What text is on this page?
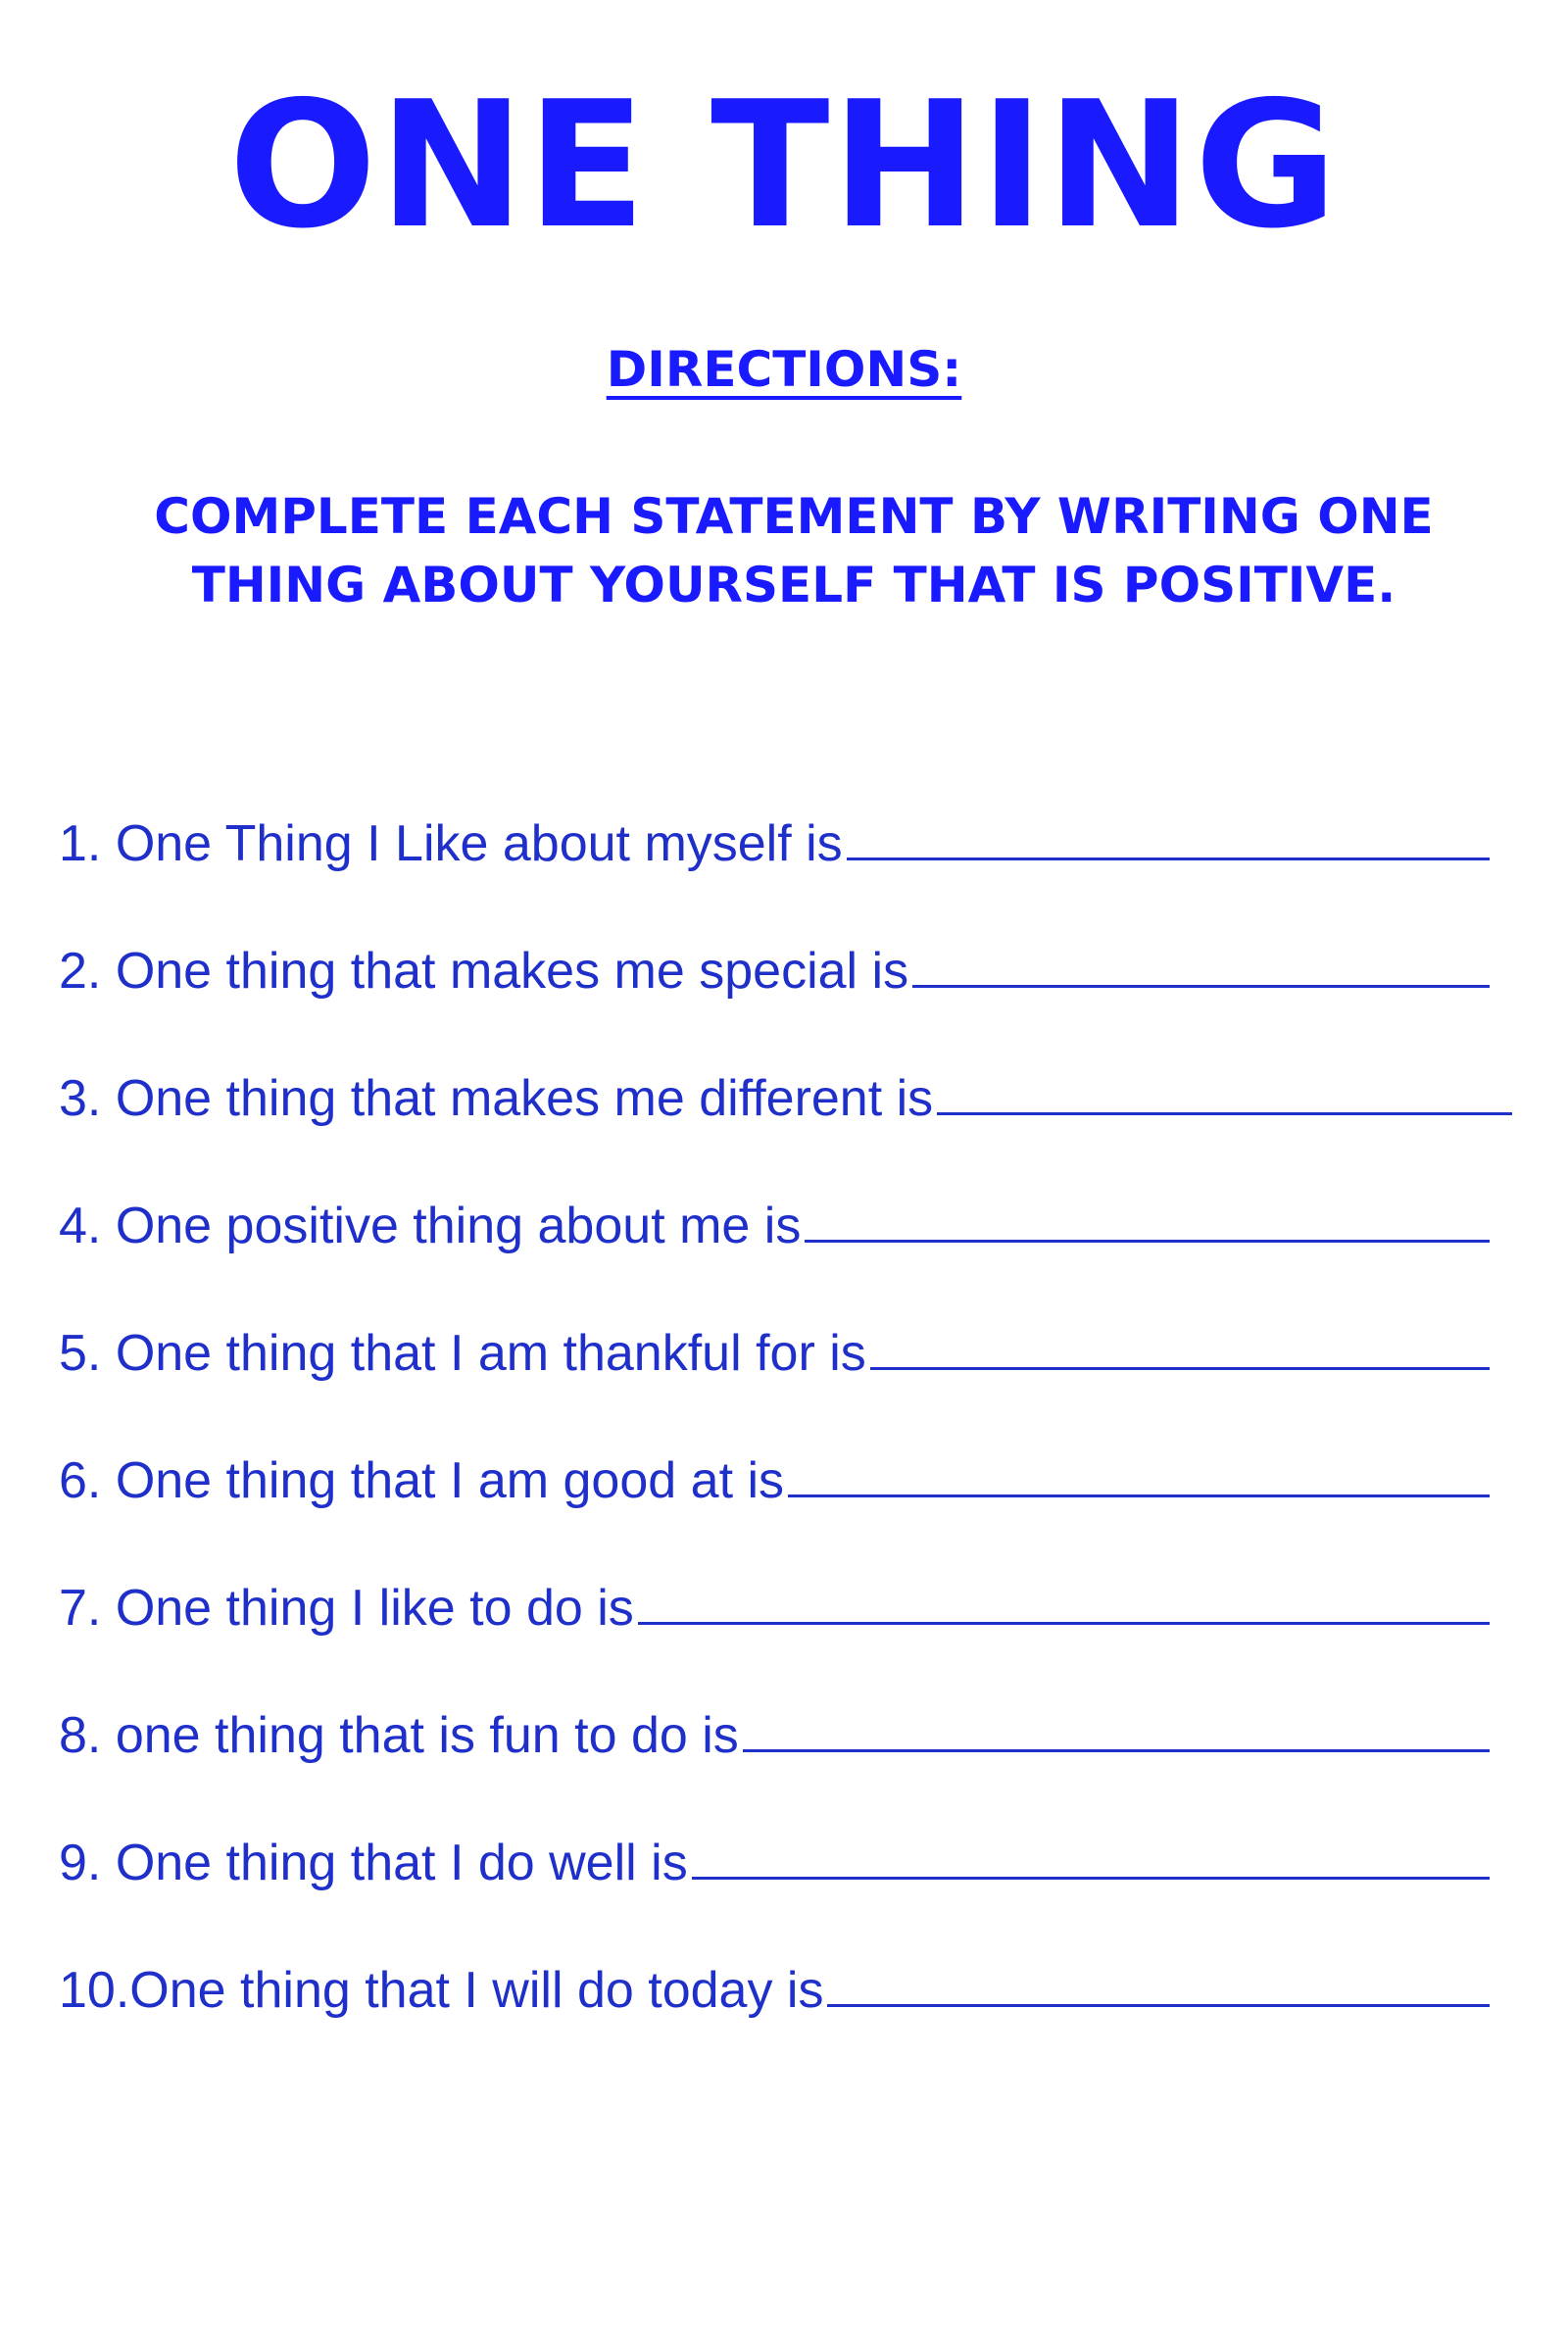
ONE THING
DIRECTIONS:
COMPLETE EACH STATEMENT BY WRITING ONE THING ABOUT YOURSELF THAT IS POSITIVE.
1. One Thing I Like about myself is
2. One thing that makes me special is
3. One thing that makes me different is
4. One positive thing about me is
5. One thing that I am thankful for is
6. One thing that I am good at is
7. One thing I like to do is
8. one thing that is fun to do is
9. One thing that I do well is
10.One thing that I will do today is
